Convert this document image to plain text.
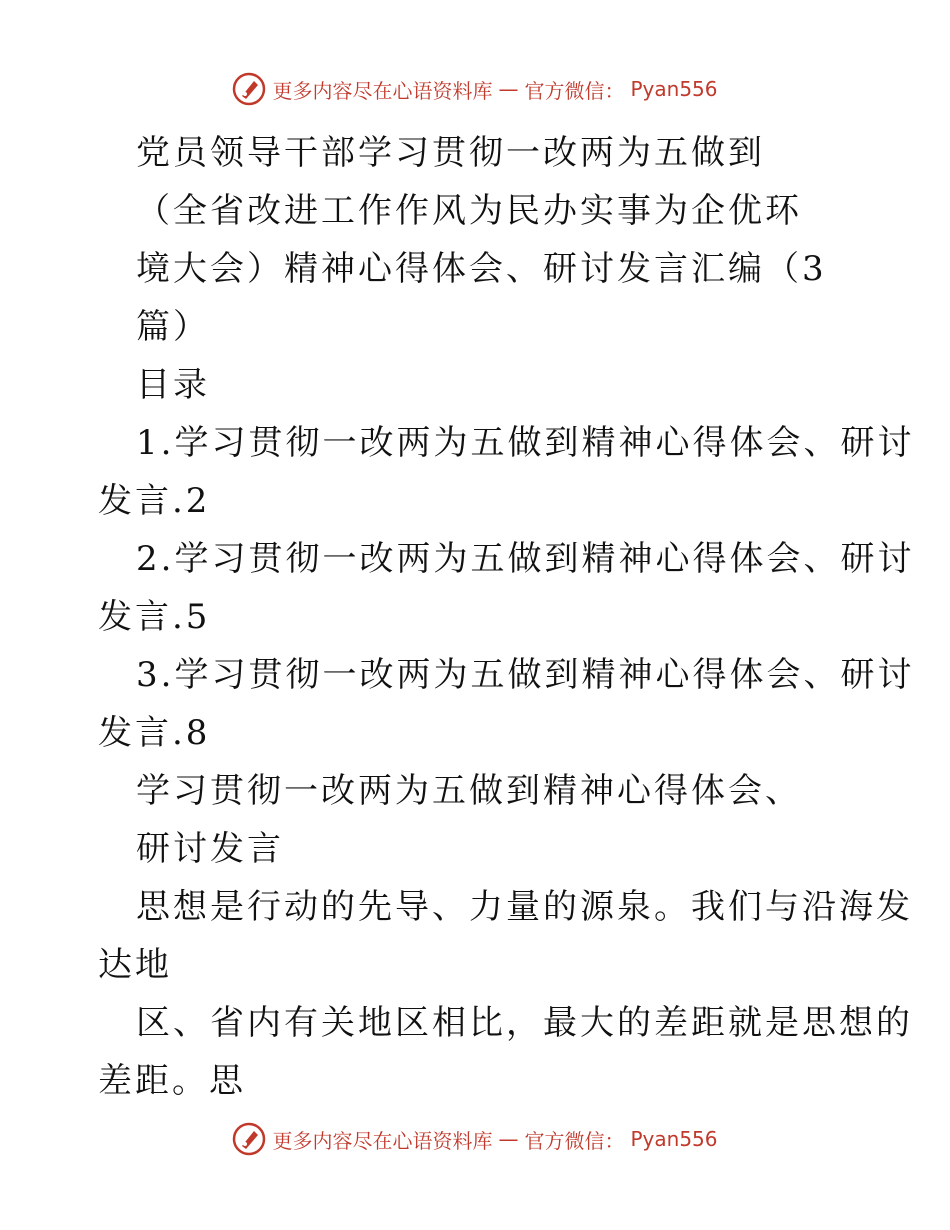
更多内容尽在心语资料库 — 官方微信： Pyan556
党员领导干部学习贯彻一改两为五做到
（全省改进工作作风为民办实事为企优环
境大会）精神心得体会、研讨发言汇编（3
篇）
目录
1.学习贯彻一改两为五做到精神心得体会、研讨
发言.2
2.学习贯彻一改两为五做到精神心得体会、研讨
发言.5
3.学习贯彻一改两为五做到精神心得体会、研讨
发言.8
学习贯彻一改两为五做到精神心得体会、
研讨发言
思想是行动的先导、力量的源泉。我们与沿海发
达地
区、省内有关地区相比，最大的差距就是思想的
差距。思
更多内容尽在心语资料库 — 官方微信： Pyan556
